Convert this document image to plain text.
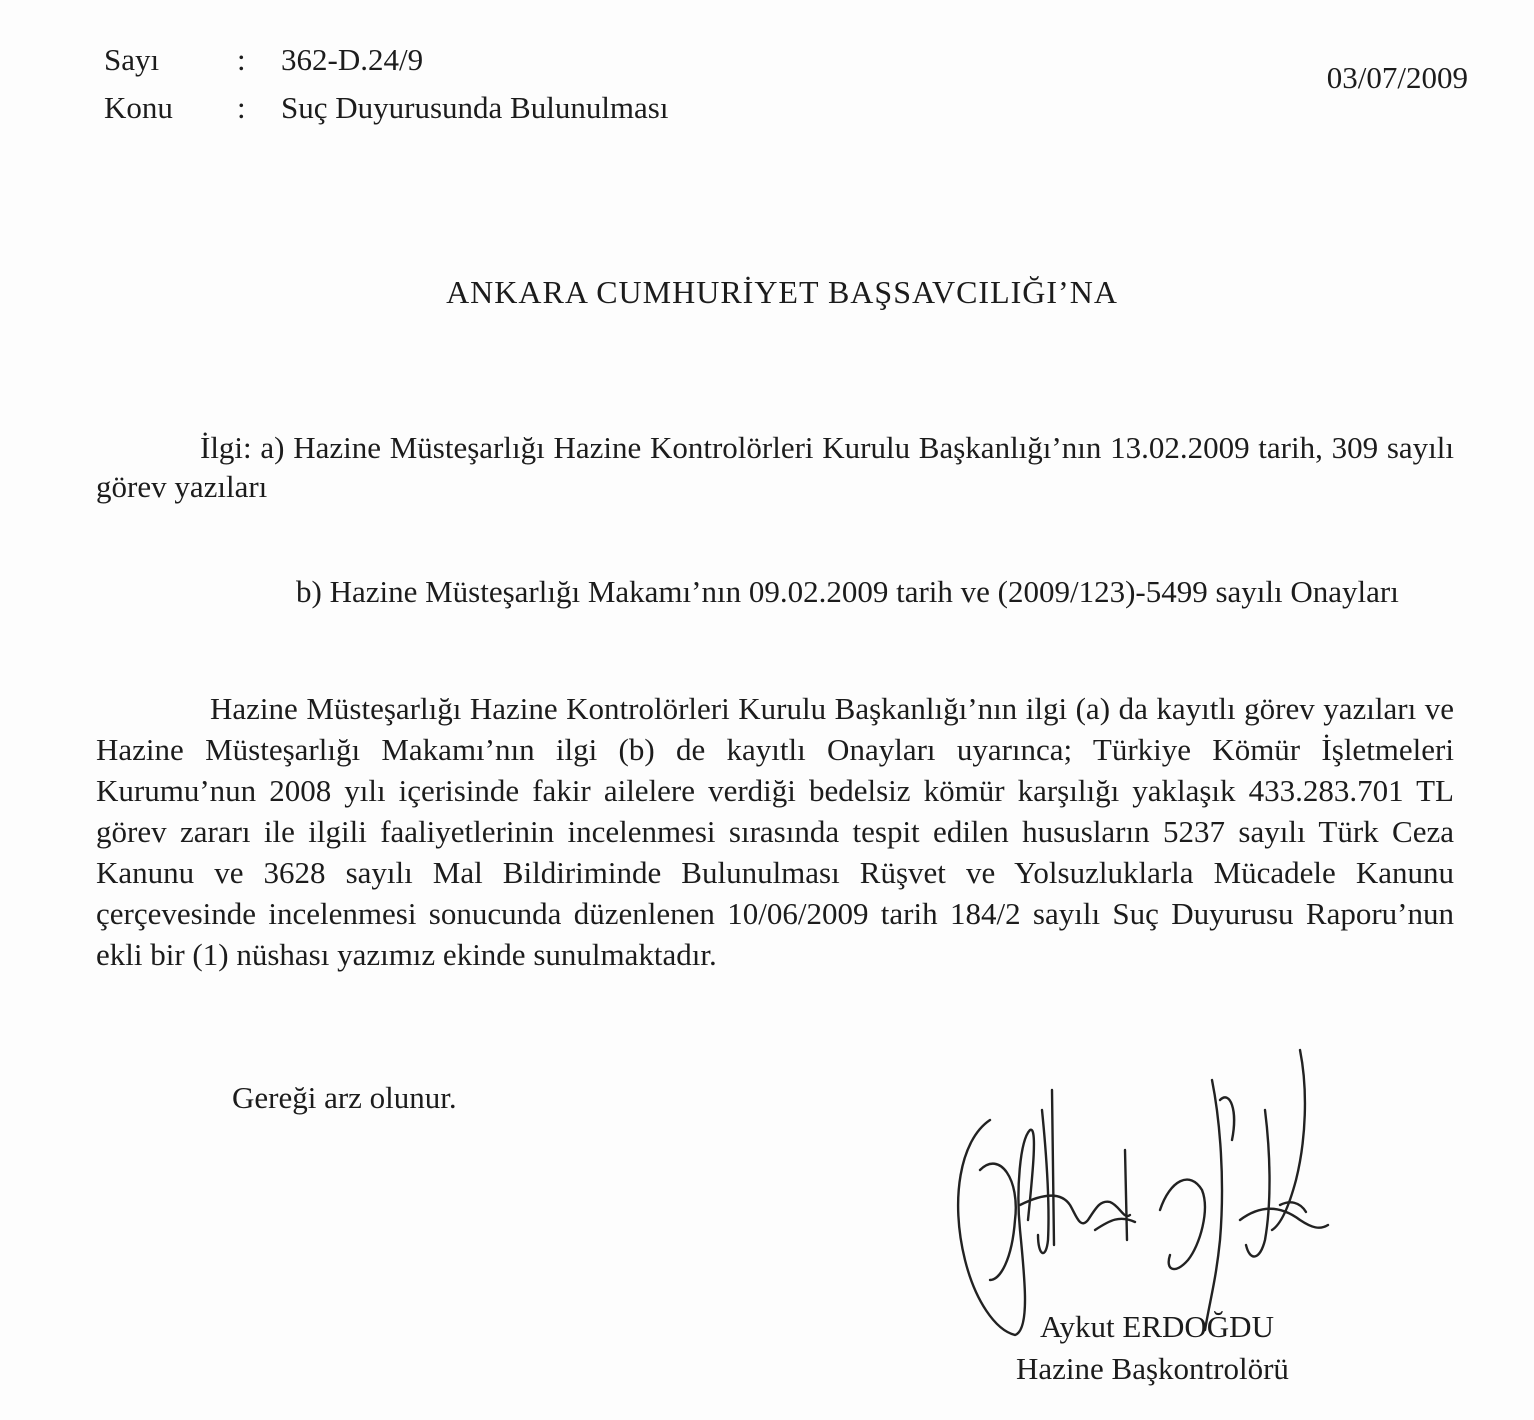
Sayı	: 362-D.24/9
Konu : Suç Duyurusunda Bulunulması
03/07/2009
ANKARA CUMHURİYET BAŞSAVCILIĞI’NA
İlgi: a) Hazine Müsteşarlığı Hazine Kontrolörleri Kurulu Başkanlığı’nın 13.02.2009 tarih, 309 sayılı görev yazıları
b) Hazine Müsteşarlığı Makamı’nın 09.02.2009 tarih ve (2009/123)-5499 sayılı Onayları
Hazine Müsteşarlığı Hazine Kontrolörleri Kurulu Başkanlığı’nın ilgi (a) da kayıtlı görev yazıları ve Hazine Müsteşarlığı Makamı’nın ilgi (b) de kayıtlı Onayları uyarınca; Türkiye Kömür İşletmeleri Kurumu’nun 2008 yılı içerisinde fakir ailelere verdiği bedelsiz kömür karşılığı yaklaşık 433.283.701 TL görev zararı ile ilgili faaliyetlerinin incelenmesi sırasında tespit edilen hususların 5237 sayılı Türk Ceza Kanunu ve 3628 sayılı Mal Bildiriminde Bulunulması Rüşvet ve Yolsuzluklarla Mücadele Kanunu çerçevesinde incelenmesi sonucunda düzenlenen 10/06/2009 tarih 184/2 sayılı Suç Duyurusu Raporu’nun ekli bir (1) nüshası yazımız ekinde sunulmaktadır.
Gereği arz olunur.
Aykut ERDOĞDU
Hazine Başkontrolörü
